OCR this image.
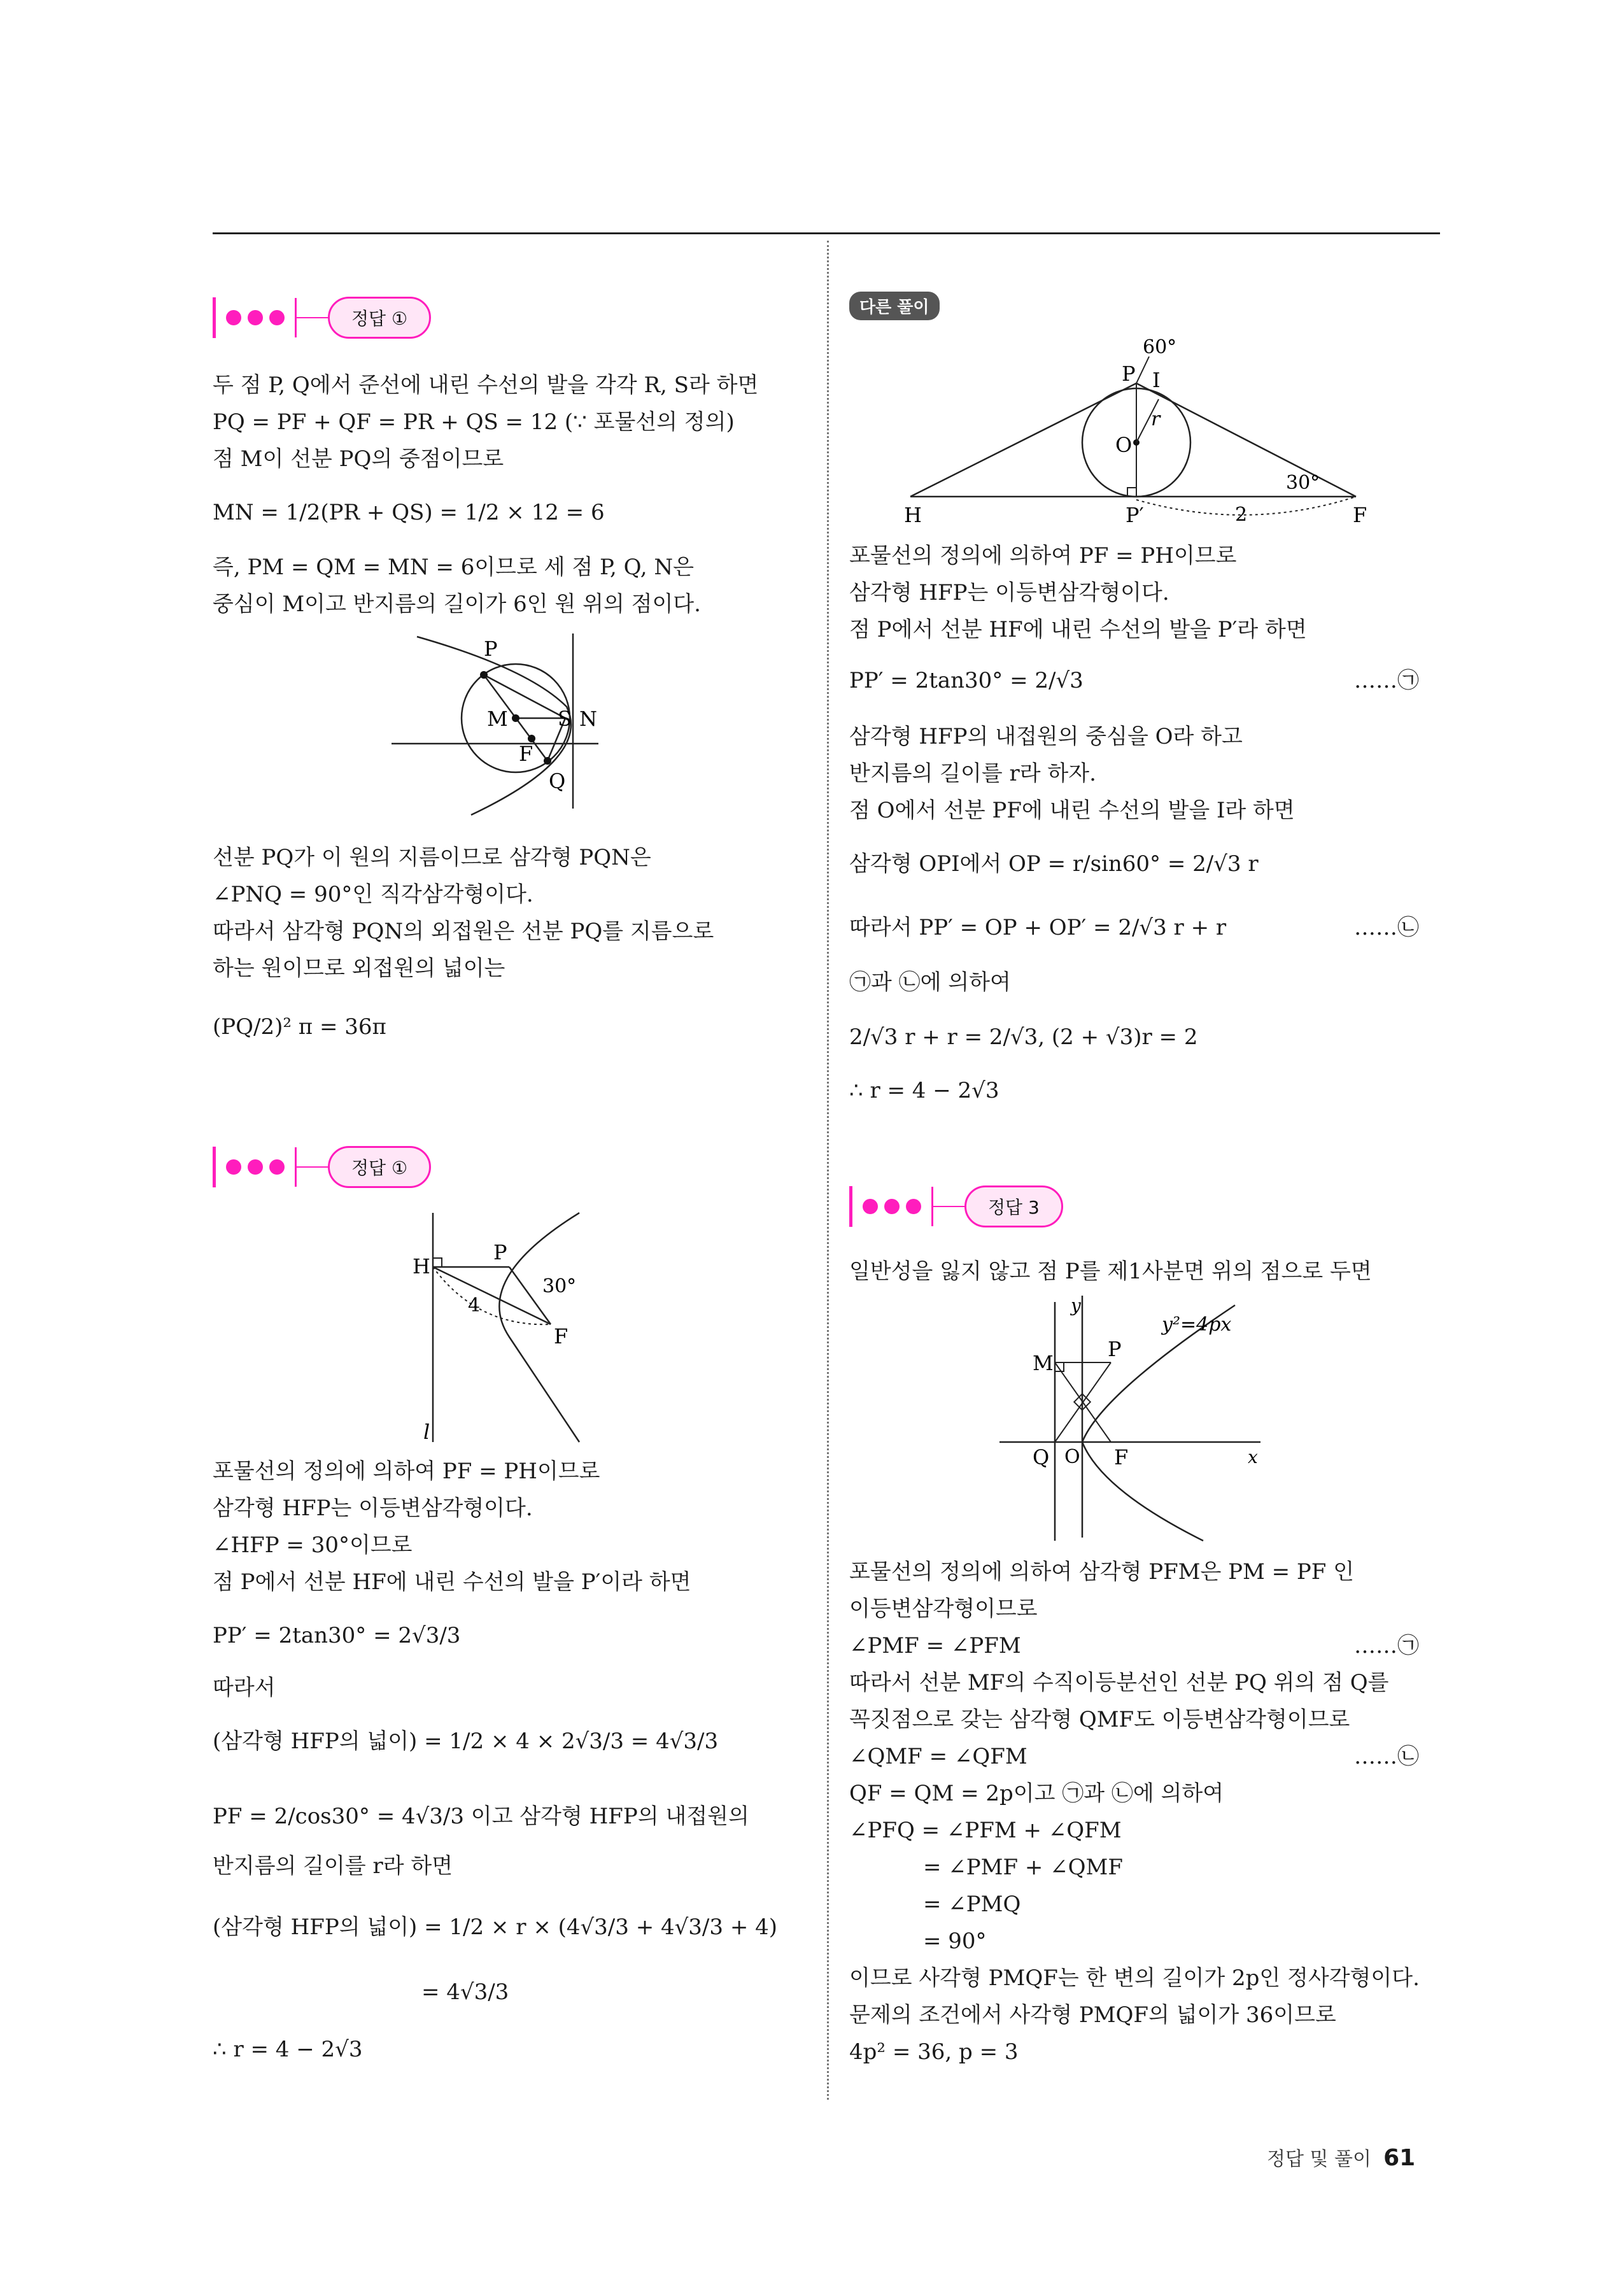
정답 ①
두 점 P, Q에서 준선에 내린 수선의 발을 각각 R, S라 하면
PQ = PF + QF = PR + QS = 12 (∵ 포물선의 정의)
점 M이 선분 PQ의 중점이므로
MN = 1/2(PR + QS) = 1/2 × 12 = 6
즉, PM = QM = MN = 6이므로 세 점 P, Q, N은
중심이 M이고 반지름의 길이가 6인 원 위의 점이다.
P
M S N
F
Q
선분 PQ가 이 원의 지름이므로 삼각형 PQN은
∠PNQ = 90°인 직각삼각형이다.
따라서 삼각형 PQN의 외접원은 선분 PQ를 지름으로
하는 원이므로 외접원의 넓이는
(PQ/2)² π = 36π
정답 ①
H
P
30°
4
F
l
포물선의 정의에 의하여 PF = PH이므로
삼각형 HFP는 이등변삼각형이다.
∠HFP = 30°이므로
점 P에서 선분 HF에 내린 수선의 발을 P′이라 하면
PP′ = 2tan30° = 2√3/3
따라서
(삼각형 HFP의 넓이) = 1/2 × 4 × 2√3/3 = 4√3/3
PF = 2/cos30° = 4√3/3 이고 삼각형 HFP의 내접원의
반지름의 길이를 r라 하면
(삼각형 HFP의 넓이) = 1/2 × r × (4√3/3 + 4√3/3 + 4)
= 4√3/3
∴ r = 4 − 2√3
다른 풀이
60°
P I
r
O
30°
H	P′	2	F
포물선의 정의에 의하여 PF = PH이므로
삼각형 HFP는 이등변삼각형이다.
점 P에서 선분 HF에 내린 수선의 발을 P′라 하면
PP′ = 2tan30° = 2/√3	……㉠
삼각형 HFP의 내접원의 중심을 O라 하고
반지름의 길이를 r라 하자.
점 O에서 선분 PF에 내린 수선의 발을 I라 하면
삼각형 OPI에서 OP = r/sin60° = 2/√3 r
따라서 PP′ = OP + OP′ = 2/√3 r + r	……㉡
㉠과 ㉡에 의하여
2/√3 r + r = 2/√3, (2 + √3)r = 2
∴ r = 4 − 2√3
정답 3
일반성을 잃지 않고 점 P를 제1사분면 위의 점으로 두면
y
y²=4px
M
P
Q O F	x
포물선의 정의에 의하여 삼각형 PFM은 PM = PF 인
이등변삼각형이므로
∠PMF = ∠PFM	……㉠
따라서 선분 MF의 수직이등분선인 선분 PQ 위의 점 Q를
꼭짓점으로 갖는 삼각형 QMF도 이등변삼각형이므로
∠QMF = ∠QFM	……㉡
QF = QM = 2p이고 ㉠과 ㉡에 의하여
∠PFQ = ∠PFM + ∠QFM
= ∠PMF + ∠QMF
= ∠PMQ
= 90°
이므로 사각형 PMQF는 한 변의 길이가 2p인 정사각형이다.
문제의 조건에서 사각형 PMQF의 넓이가 36이므로
4p² = 36, p = 3
정답 및 풀이 61
